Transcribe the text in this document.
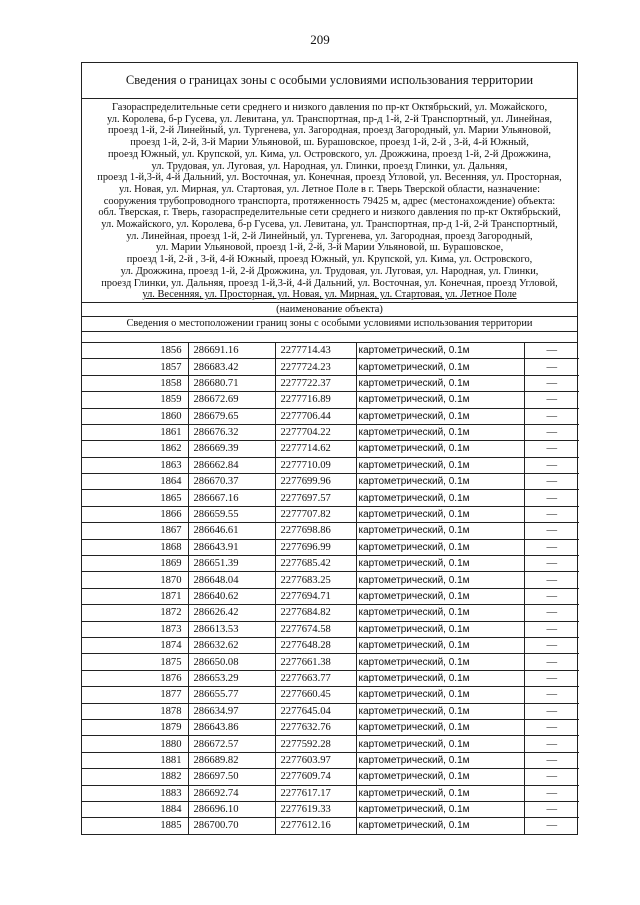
209
Сведения о границах зоны с особыми условиями использования территории
Газораспределительные сети среднего и низкого давления по пр-кт Октябрьский, ул. Можайского,
ул. Королева, б-р Гусева, ул. Левитана, ул. Транспортная, пр-д 1-й, 2-й Транспортный, ул. Линейная,
проезд 1-й, 2-й Линейный, ул. Тургенева, ул. Загородная, проезд Загородный, ул. Марии Ульяновой,
проезд 1-й, 2-й, 3-й Марии Ульяновой, ш. Бурашовское, проезд 1-й, 2-й , 3-й, 4-й Южный,
проезд Южный, ул. Крупской, ул. Кима, ул. Островского, ул. Дрожжина, проезд 1-й, 2-й Дрожжина,
ул. Трудовая, ул. Луговая, ул. Народная, ул. Глинки, проезд Глинки, ул. Дальняя,
проезд 1-й,3-й, 4-й Дальний, ул. Восточная, ул. Конечная, проезд Угловой, ул. Весенняя, ул. Просторная,
ул. Новая, ул. Мирная, ул. Стартовая, ул. Летное Поле в г. Тверь Тверской области, назначение:
сооружения трубопроводного транспорта, протяженность 79425 м, адрес (местонахождение) объекта:
обл. Тверская, г. Тверь, газораспределительные сети среднего и низкого давления по пр-кт Октябрьский,
ул. Можайского, ул. Королева, б-р Гусева, ул. Левитана, ул. Транспортная, пр-д 1-й, 2-й Транспортный,
ул. Линейная, проезд 1-й, 2-й Линейный, ул. Тургенева, ул. Загородная, проезд Загородный,
ул. Марии Ульяновой, проезд 1-й, 2-й, 3-й Марии Ульяновой, ш. Бурашовское,
проезд 1-й, 2-й , 3-й, 4-й Южный, проезд Южный, ул. Крупской, ул. Кима, ул. Островского,
ул. Дрожжина, проезд 1-й, 2-й Дрожжина, ул. Трудовая, ул. Луговая, ул. Народная, ул. Глинки,
проезд Глинки, ул. Дальняя, проезд 1-й,3-й, 4-й Дальний, ул. Восточная, ул. Конечная, проезд Угловой,
ул. Весенняя, ул. Просторная, ул. Новая, ул. Мирная, ул. Стартовая, ул. Летное Поле
(наименование объекта)
Сведения о местоположении границ зоны с особыми условиями использования территории
1856	286691.16	2277714.43	картометрический, 0.1м	—
1857	286683.42	2277724.23	картометрический, 0.1м	—
1858	286680.71	2277722.37	картометрический, 0.1м	—
1859	286672.69	2277716.89	картометрический, 0.1м	—
1860	286679.65	2277706.44	картометрический, 0.1м	—
1861	286676.32	2277704.22	картометрический, 0.1м	—
1862	286669.39	2277714.62	картометрический, 0.1м	—
1863	286662.84	2277710.09	картометрический, 0.1м	—
1864	286670.37	2277699.96	картометрический, 0.1м	—
1865	286667.16	2277697.57	картометрический, 0.1м	—
1866	286659.55	2277707.82	картометрический, 0.1м	—
1867	286646.61	2277698.86	картометрический, 0.1м	—
1868	286643.91	2277696.99	картометрический, 0.1м	—
1869	286651.39	2277685.42	картометрический, 0.1м	—
1870	286648.04	2277683.25	картометрический, 0.1м	—
1871	286640.62	2277694.71	картометрический, 0.1м	—
1872	286626.42	2277684.82	картометрический, 0.1м	—
1873	286613.53	2277674.58	картометрический, 0.1м	—
1874	286632.62	2277648.28	картометрический, 0.1м	—
1875	286650.08	2277661.38	картометрический, 0.1м	—
1876	286653.29	2277663.77	картометрический, 0.1м	—
1877	286655.77	2277660.45	картометрический, 0.1м	—
1878	286634.97	2277645.04	картометрический, 0.1м	—
1879	286643.86	2277632.76	картометрический, 0.1м	—
1880	286672.57	2277592.28	картометрический, 0.1м	—
1881	286689.82	2277603.97	картометрический, 0.1м	—
1882	286697.50	2277609.74	картометрический, 0.1м	—
1883	286692.74	2277617.17	картометрический, 0.1м	—
1884	286696.10	2277619.33	картометрический, 0.1м	—
1885	286700.70	2277612.16	картометрический, 0.1м	—
